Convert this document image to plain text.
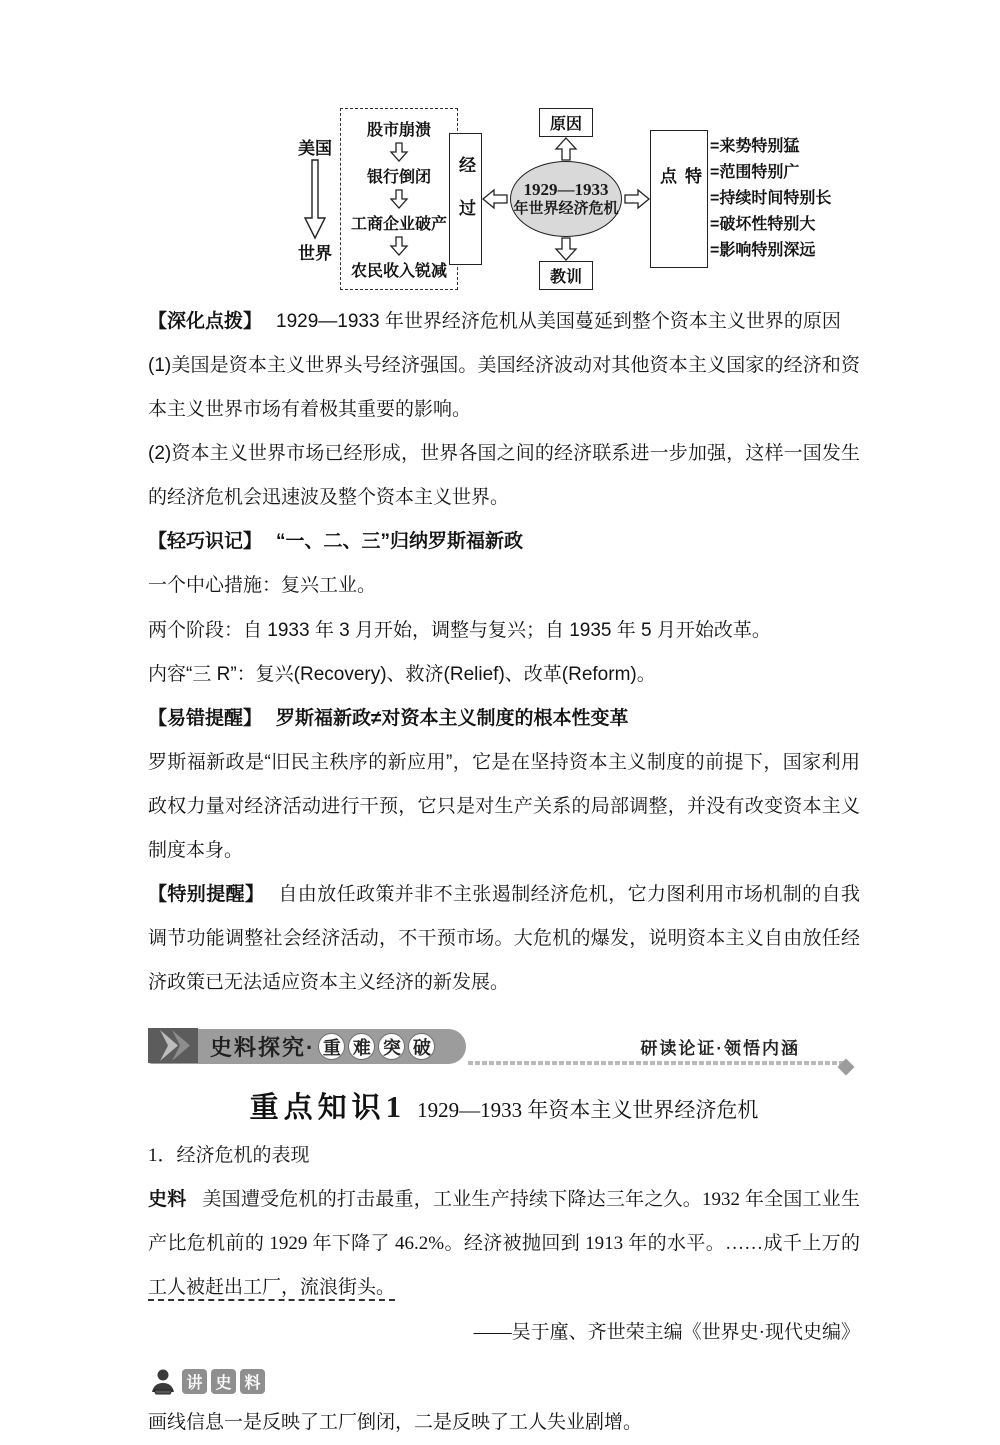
美国
世界
股市崩溃
银行倒闭
工商企业破产
农民收入锐减
经过
原因
1929—1933
年世界经济危机
教训
特点
=来势特别猛
=范围特别广
=持续时间特别长
=破坏性特别大
=影响特别深远

【深化点拨】 1929—1933 年世界经济危机从美国蔓延到整个资本主义世界的原因

(1)美国是资本主义世界头号经济强国。美国经济波动对其他资本主义国家的经济和资本主义世界市场有着极其重要的影响。

(2)资本主义世界市场已经形成，世界各国之间的经济联系进一步加强，这样一国发生的经济危机会迅速波及整个资本主义世界。

【轻巧识记】 “一、二、三”归纳罗斯福新政

一个中心措施：复兴工业。

两个阶段：自 1933 年 3 月开始，调整与复兴；自 1935 年 5 月开始改革。

内容“三 R”：复兴(Recovery)、救济(Relief)、改革(Reform)。

【易错提醒】 罗斯福新政≠对资本主义制度的根本性变革

罗斯福新政是“旧民主秩序的新应用”，它是在坚持资本主义制度的前提下，国家利用政权力量对经济活动进行干预，它只是对生产关系的局部调整，并没有改变资本主义制度本身。

【特别提醒】 自由放任政策并非不主张遏制经济危机，它力图利用市场机制的自我调节功能调整社会经济活动，不干预市场。大危机的爆发，说明资本主义自由放任经济政策已无法适应资本主义经济的新发展。

史料探究· 重 难 突 破	研读论证·领悟内涵
重点知识1 1929—1933 年资本主义世界经济危机

1．经济危机的表现

史料 美国遭受危机的打击最重，工业生产持续下降达三年之久。1932 年全国工业生产比危机前的 1929 年下降了 46.2%。经济被抛回到 1913 年的水平。……成千上万的工人被赶出工厂，流浪街头。

——吴于廑、齐世荣主编《世界史·现代史编》

讲 史 料

画线信息一是反映了工厂倒闭，二是反映了工人失业剧增。
